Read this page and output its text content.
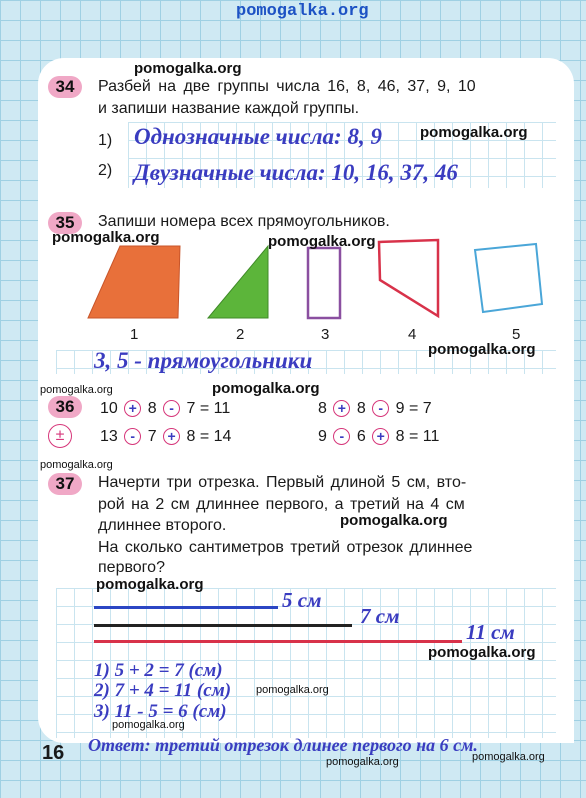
pomogalka.org
34	Разбей на две группы числа 16, 8, 46, 37, 9, 10
и запиши название каждой группы.
1) Однозначные числа: 8, 9
2) Двузначные числа: 10, 16, 37, 46
35	Запиши номера всех прямоугольников.
1	2	3	4	5
3, 5 - прямоугольники
36
±
10 + 8 - 7 = 11	8 + 8 - 9 = 7
13 - 7 + 8 = 14	9 - 6 + 8 = 11
37	Начерти три отрезка. Первый длиной 5 см, вто-
рой на 2 см длиннее первого, а третий на 4 см
длиннее второго.
На сколько сантиметров третий отрезок длиннее
первого?
5 см
7 см
11 см
1) 5 + 2 = 7 (см)
2) 7 + 4 = 11 (см)
3) 11 - 5 = 6 (см)
Ответ: третий отрезок длинее первого на 6 см.
16
pomogalka.org
pomogalka.org
pomogalka.org	pomogalka.org
pomogalka.org
pomogalka.org
pomogalka.org
pomogalka.org
pomogalka.org
pomogalka.org
pomogalka.org
pomogalka.org
pomogalka.org
pomogalka.org	pomogalka.org
